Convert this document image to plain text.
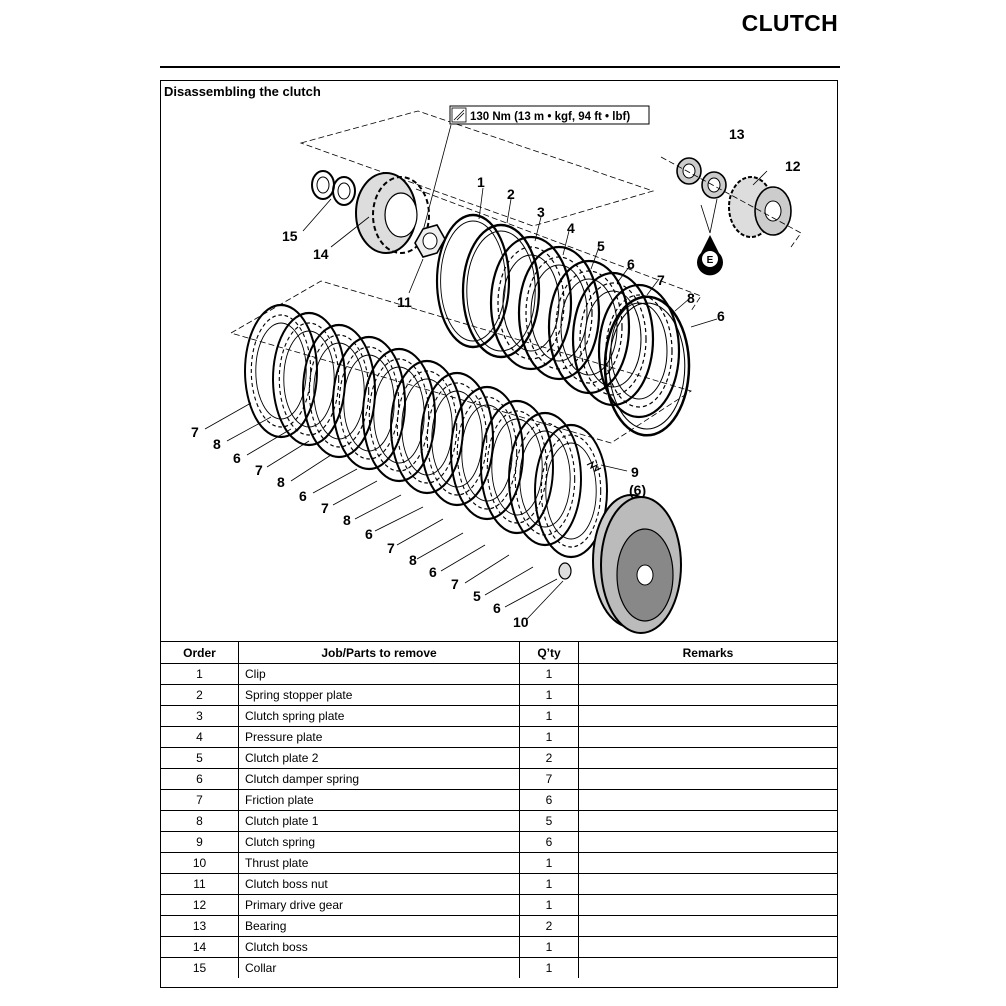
CLUTCH
Disassembling the clutch
130 Nm (13 m • kgf, 94 ft • lbf)
E
1
2
3
4
5
6
7
8
6
9
(6)
10
11
12
13
14
15
7
8
6
7
8
6
7
8
6
7
8
6
7
5
6
Order	Job/Parts to remove	Q’ty	Remarks
1	Clip	1	
2	Spring stopper plate	1	
3	Clutch spring plate	1	
4	Pressure plate	1	
5	Clutch plate 2	2	
6	Clutch damper spring	7	
7	Friction plate	6	
8	Clutch plate 1	5	
9	Clutch spring	6	
10	Thrust plate	1	
11	Clutch boss nut	1	
12	Primary drive gear	1	
13	Bearing	2	
14	Clutch boss	1	
15	Collar	1	
